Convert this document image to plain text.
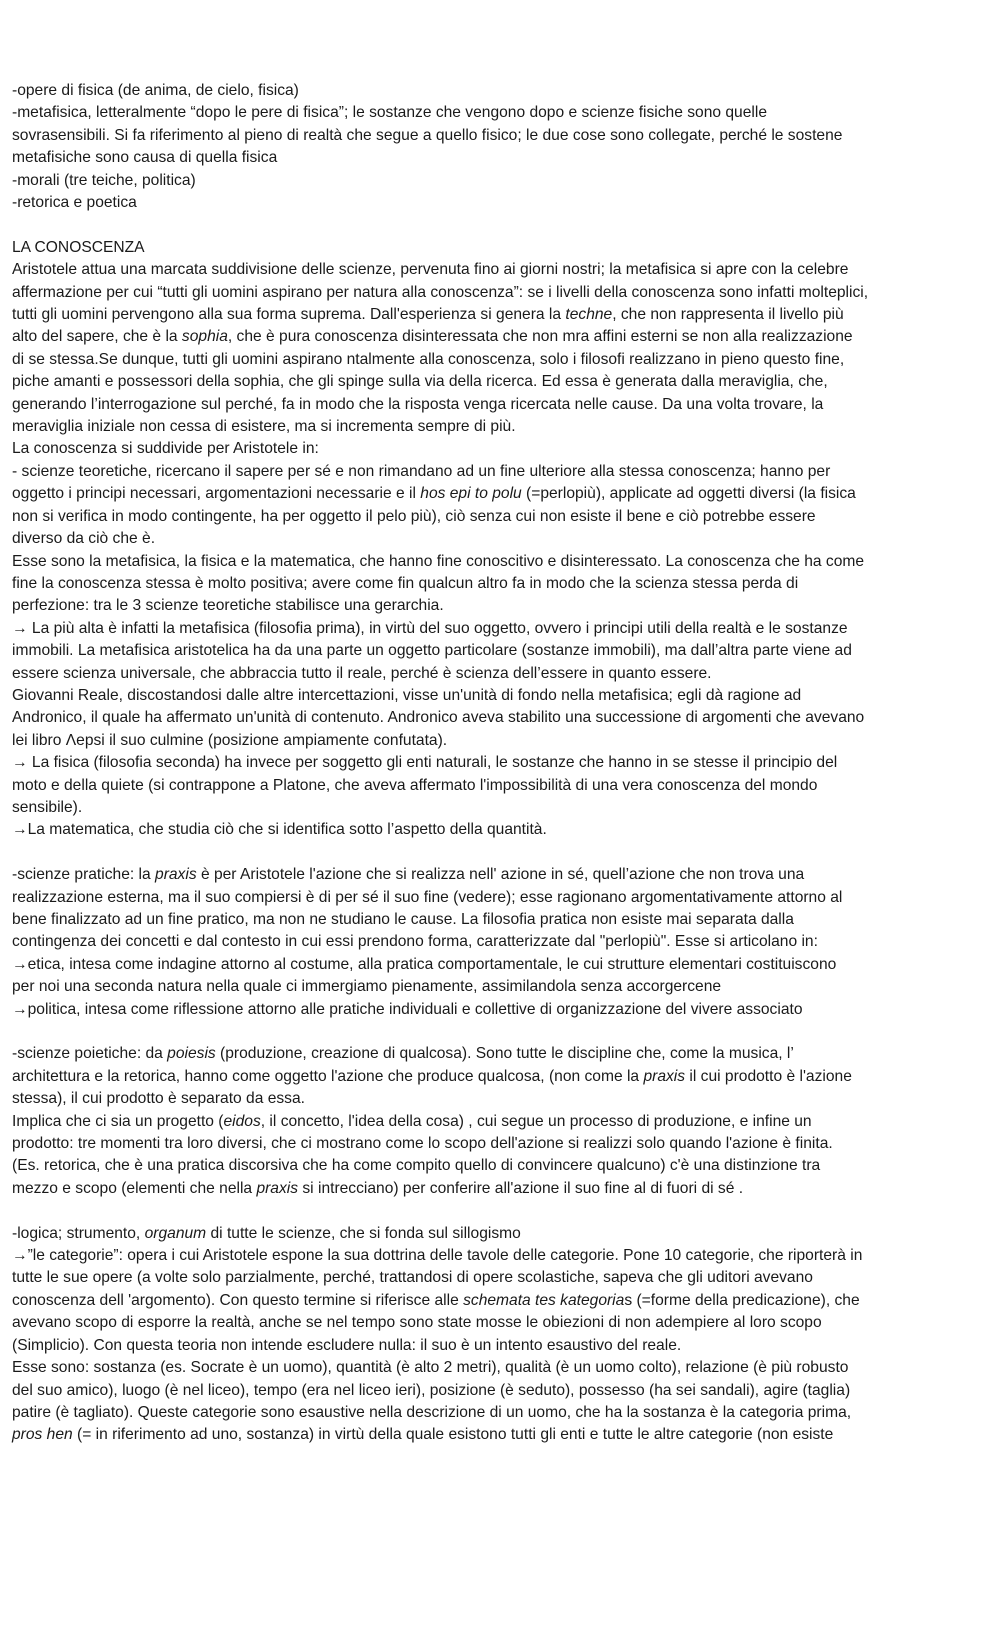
-opere di fisica (de anima, de cielo, fisica)

-metafisica, letteralmente “dopo le pere di fisica”; le sostanze che vengono dopo e scienze fisiche sono quelle

sovrasensibili. Si fa riferimento al pieno di realtà che segue a quello fisico; le due cose sono collegate, perché le sostene

metafisiche sono causa di quella fisica

-morali (tre teiche, politica)

-retorica e poetica

LA CONOSCENZA

Aristotele attua una marcata suddivisione delle scienze, pervenuta fino ai giorni nostri; la metafisica si apre con la celebre

affermazione per cui “tutti gli uomini aspirano per natura alla conoscenza”: se i livelli della conoscenza sono infatti molteplici,

tutti gli uomini pervengono alla sua forma suprema. Dall'esperienza si genera la techne, che non rappresenta il livello più

alto del sapere, che è la sophia, che è pura conoscenza disinteressata che non mra affini esterni se non alla realizzazione

di se stessa.Se dunque, tutti gli uomini aspirano ntalmente alla conoscenza, solo i filosofi realizzano in pieno questo fine,

piche amanti e possessori della sophia, che gli spinge sulla via della ricerca. Ed essa è generata dalla meraviglia, che,

generando l’interrogazione sul perché, fa in modo che la risposta venga ricercata nelle cause. Da una volta trovare, la

meraviglia iniziale non cessa di esistere, ma si incrementa sempre di più.

La conoscenza si suddivide per Aristotele in:

- scienze teoretiche, ricercano il sapere per sé e non rimandano ad un fine ulteriore alla stessa conoscenza; hanno per

oggetto i principi necessari, argomentazioni necessarie e il hos epi to polu (=perlopiù), applicate ad oggetti diversi (la fisica

non si verifica in modo contingente, ha per oggetto il pelo più), ciò senza cui non esiste il bene e ciò potrebbe essere

diverso da ciò che è.

Esse sono la metafisica, la fisica e la matematica, che hanno fine conoscitivo e disinteressato. La conoscenza che ha come

fine la conoscenza stessa è molto positiva; avere come fin qualcun altro fa in modo che la scienza stessa perda di

perfezione: tra le 3 scienze teoretiche stabilisce una gerarchia.

→ La più alta è infatti la metafisica (filosofia prima), in virtù del suo oggetto, ovvero i principi utili della realtà e le sostanze

immobili. La metafisica aristotelica ha da una parte un oggetto particolare (sostanze immobili), ma dall’altra parte viene ad

essere scienza universale, che abbraccia tutto il reale, perché è scienza dell’essere in quanto essere.

Giovanni Reale, discostandosi dalle altre intercettazioni, visse un'unità di fondo nella metafisica; egli dà ragione ad

Andronico, il quale ha affermato un'unità di contenuto. Andronico aveva stabilito una successione di argomenti che avevano

lei libro Λepsi il suo culmine (posizione ampiamente confutata).

→ La fisica (filosofia seconda) ha invece per soggetto gli enti naturali, le sostanze che hanno in se stesse il principio del

moto e della quiete (si contrappone a Platone, che aveva affermato l'impossibilità di una vera conoscenza del mondo

sensibile).

→La matematica, che studia ciò che si identifica sotto l’aspetto della quantità.

-scienze pratiche: la praxis è per Aristotele l'azione che si realizza nell' azione in sé, quell’azione che non trova una

realizzazione esterna, ma il suo compiersi è di per sé il suo fine (vedere); esse ragionano argomentativamente attorno al

bene finalizzato ad un fine pratico, ma non ne studiano le cause. La filosofia pratica non esiste mai separata dalla

contingenza dei concetti e dal contesto in cui essi prendono forma, caratterizzate dal "perlopiù". Esse si articolano in:

→etica, intesa come indagine attorno al costume, alla pratica comportamentale, le cui strutture elementari costituiscono

per noi una seconda natura nella quale ci immergiamo pienamente, assimilandola senza accorgercene

→politica, intesa come riflessione attorno alle pratiche individuali e collettive di organizzazione del vivere associato

-scienze poietiche: da poiesis (produzione, creazione di qualcosa). Sono tutte le discipline che, come la musica, l’

architettura e la retorica, hanno come oggetto l'azione che produce qualcosa, (non come la praxis il cui prodotto è l'azione

stessa), il cui prodotto è separato da essa.

Implica che ci sia un progetto (eidos, il concetto, l'idea della cosa) , cui segue un processo di produzione, e infine un

prodotto: tre momenti tra loro diversi, che ci mostrano come lo scopo dell'azione si realizzi solo quando l'azione è finita.

(Es. retorica, che è una pratica discorsiva che ha come compito quello di convincere qualcuno) c'è una distinzione tra

mezzo e scopo (elementi che nella praxis si intrecciano) per conferire all'azione il suo fine al di fuori di sé .

-logica; strumento, organum di tutte le scienze, che si fonda sul sillogismo

→”le categorie”: opera i cui Aristotele espone la sua dottrina delle tavole delle categorie. Pone 10 categorie, che riporterà in

tutte le sue opere (a volte solo parzialmente, perché, trattandosi di opere scolastiche, sapeva che gli uditori avevano

conoscenza dell 'argomento). Con questo termine si riferisce alle schemata tes kategorias (=forme della predicazione), che

avevano scopo di esporre la realtà, anche se nel tempo sono state mosse le obiezioni di non adempiere al loro scopo

(Simplicio). Con questa teoria non intende escludere nulla: il suo è un intento esaustivo del reale.

Esse sono: sostanza (es. Socrate è un uomo), quantità (è alto 2 metri), qualità (è un uomo colto), relazione (è più robusto

del suo amico), luogo (è nel liceo), tempo (era nel liceo ieri), posizione (è seduto), possesso (ha sei sandali), agire (taglia)

patire (è tagliato). Queste categorie sono esaustive nella descrizione di un uomo, che ha la sostanza è la categoria prima,

pros hen (= in riferimento ad uno, sostanza) in virtù della quale esistono tutti gli enti e tutte le altre categorie (non esiste
